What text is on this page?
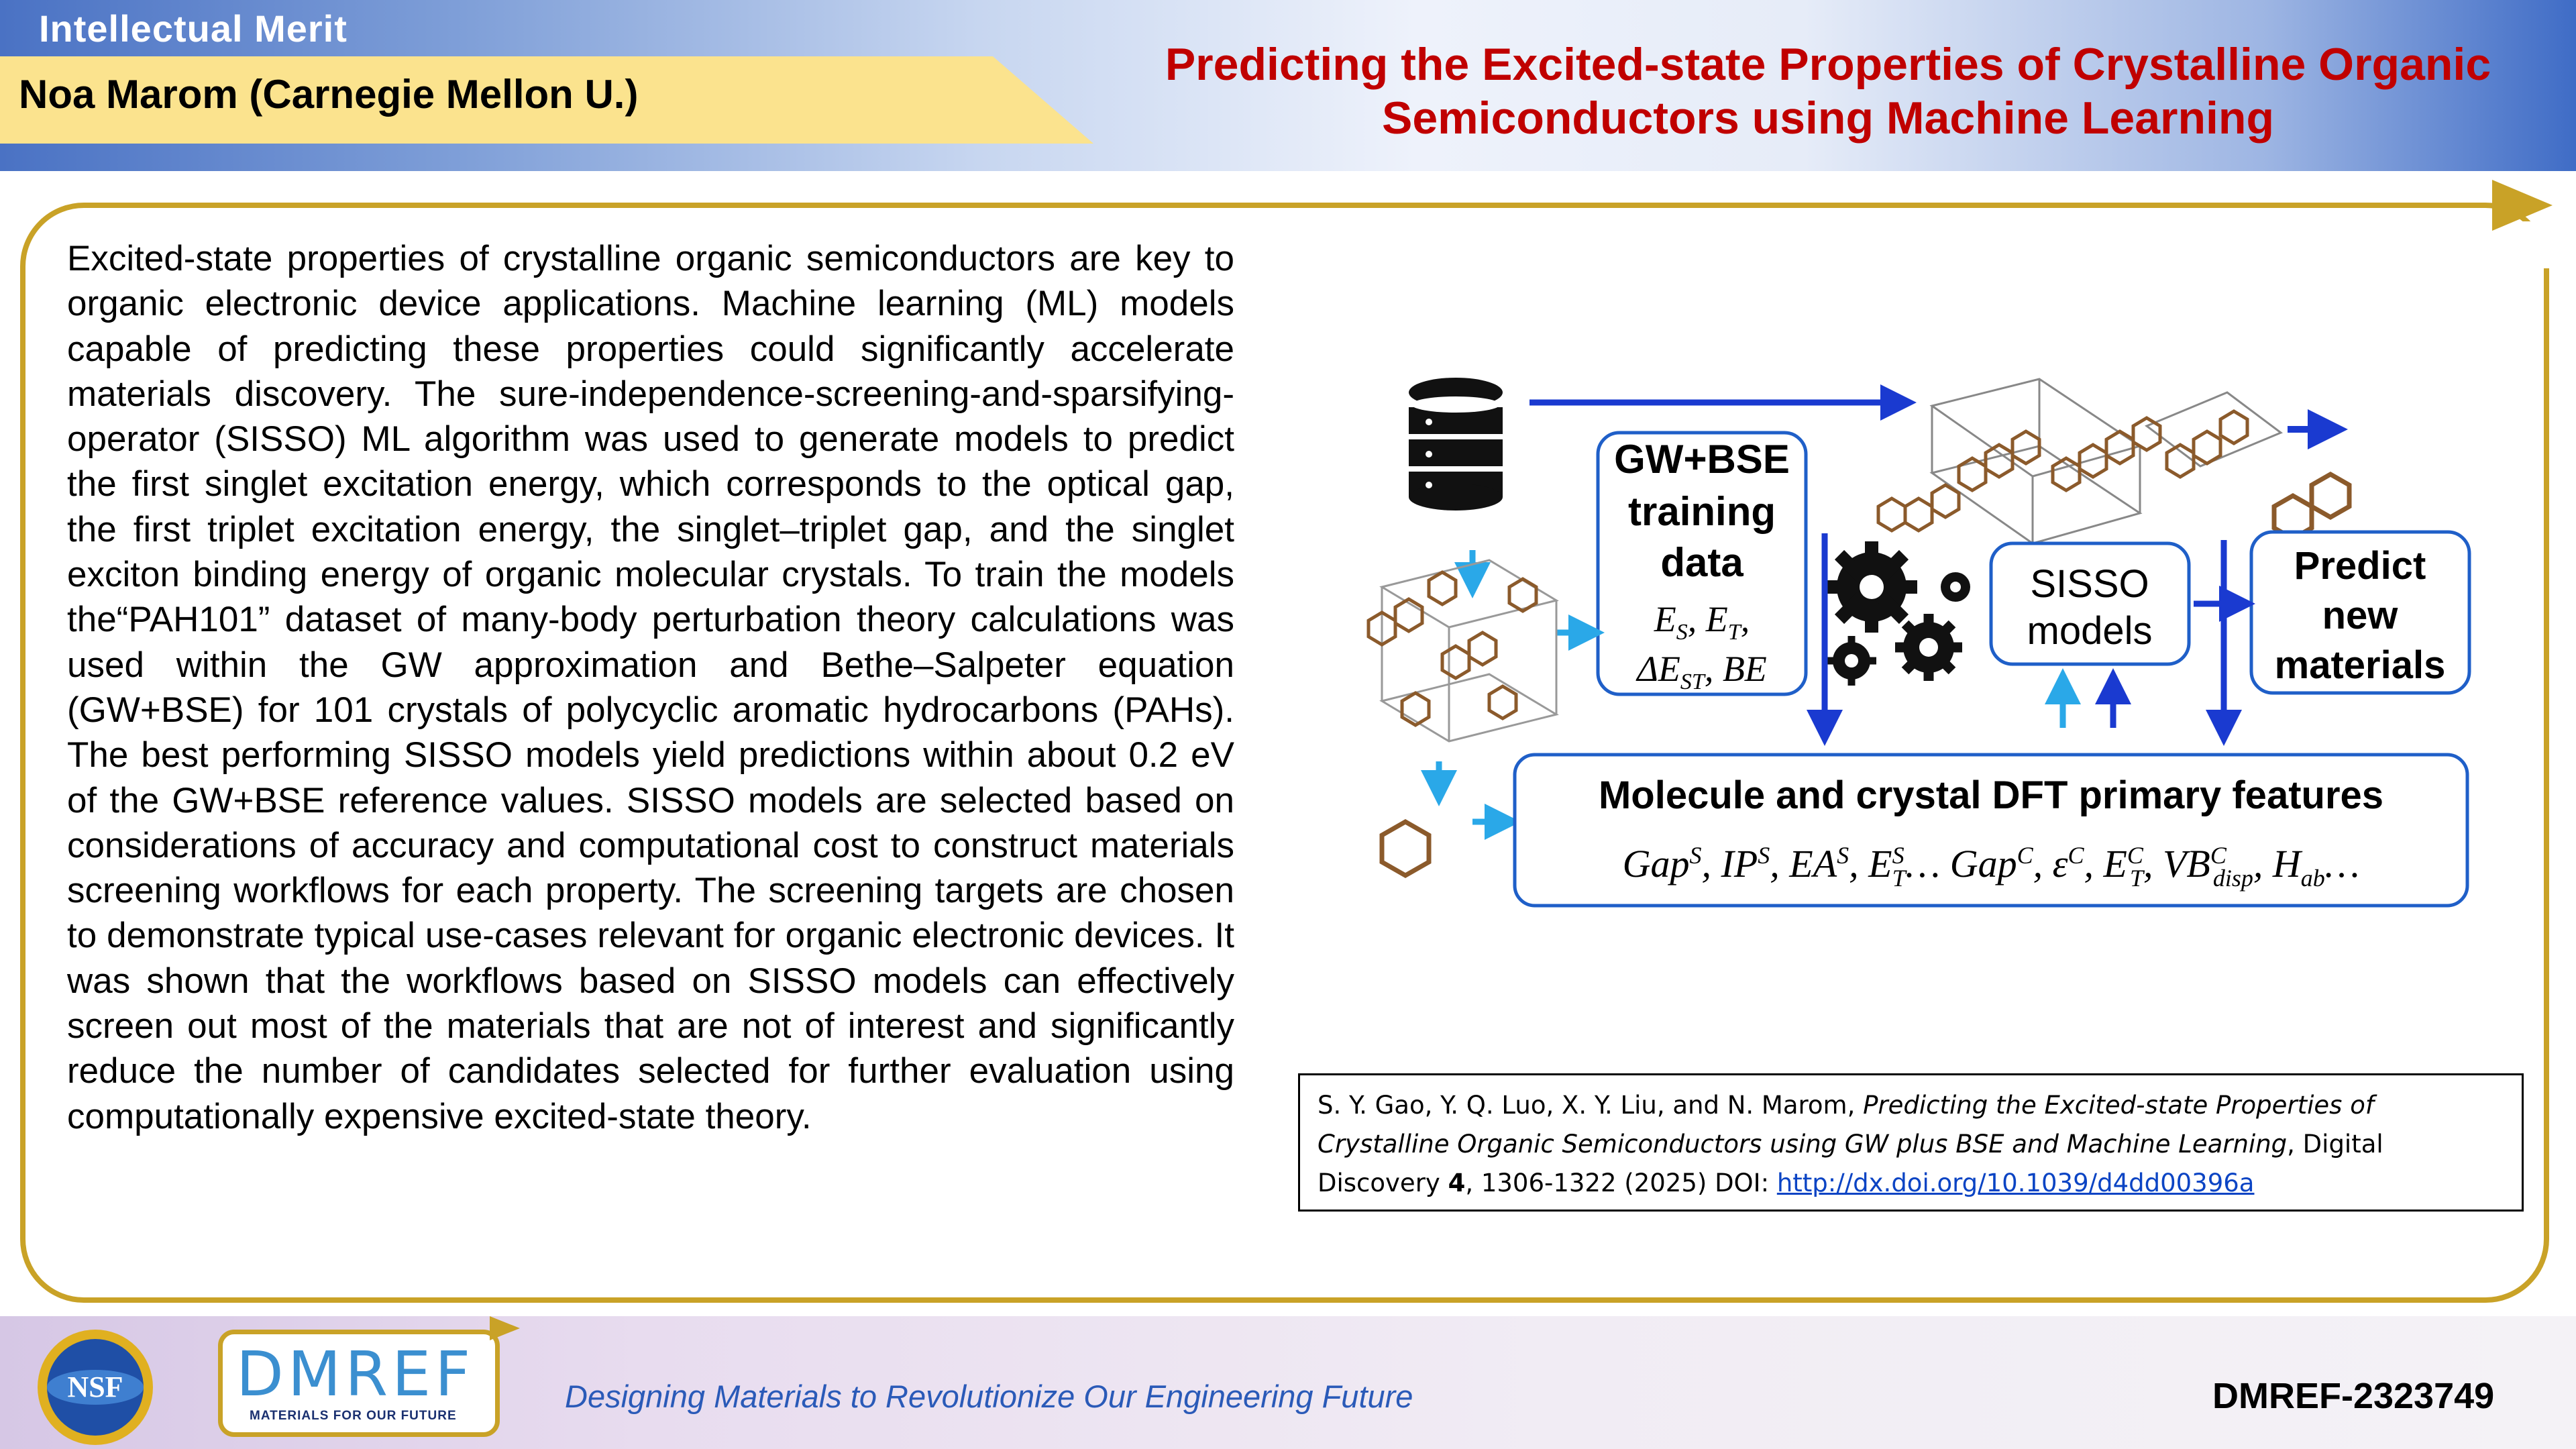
Intellectual Merit
Noa Marom (Carnegie Mellon U.)
Predicting the Excited-state Properties of Crystalline Organic
Semiconductors using Machine Learning
Excited-state properties of crystalline organic semiconductors are key to organic electronic device applications. Machine learning (ML) models capable of predicting these properties could significantly accelerate materials discovery. The sure-independence-screening-and-sparsifying-operator (SISSO) ML algorithm was used to generate models to predict the first singlet excitation energy, which corresponds to the optical gap, the first triplet excitation energy, the singlet–triplet gap, and the singlet exciton binding energy of organic molecular crystals. To train the models the“PAH101” dataset of many-body perturbation theory calculations was used within the GW approximation and Bethe–Salpeter equation (GW+BSE) for 101 crystals of polycyclic aromatic hydrocarbons (PAHs). The best performing SISSO models yield predictions within about 0.2 eV of the GW+BSE reference values. SISSO models are selected based on considerations of accuracy and computational cost to construct materials screening workflows for each property. The screening targets are chosen to demonstrate typical use-cases relevant for organic electronic devices. It was shown that the workflows based on SISSO models can effectively screen out most of the materials that are not of interest and significantly reduce the number of candidates selected for further evaluation using computationally expensive excited-state theory.
GW+BSE
training
data
$E_S$, $E_T$,
$\Delta E_{ST}$, BE
SISSO
models
Predict
new
materials
Molecule and crystal DFT primary features
Gap$^S$, $IP^S$, $EA^S$, $E^S$ T… Gap$^C$, $\varepsilon^C$, $E^C$ T, $VB^C$ disp, $H_{ab}\dots$
S. Y. Gao, Y. Q. Luo, X. Y. Liu, and N. Marom, Predicting the Excited-state Properties of Crystalline Organic Semiconductors using GW plus BSE and Machine Learning, Digital Discovery 4, 1306-1322 (2025) DOI: http://dx.doi.org/10.1039/d4dd00396a
NSF DMREF
MATERIALS FOR OUR FUTURE
Designing Materials to Revolutionize Our Engineering Future	DMREF-2323749
